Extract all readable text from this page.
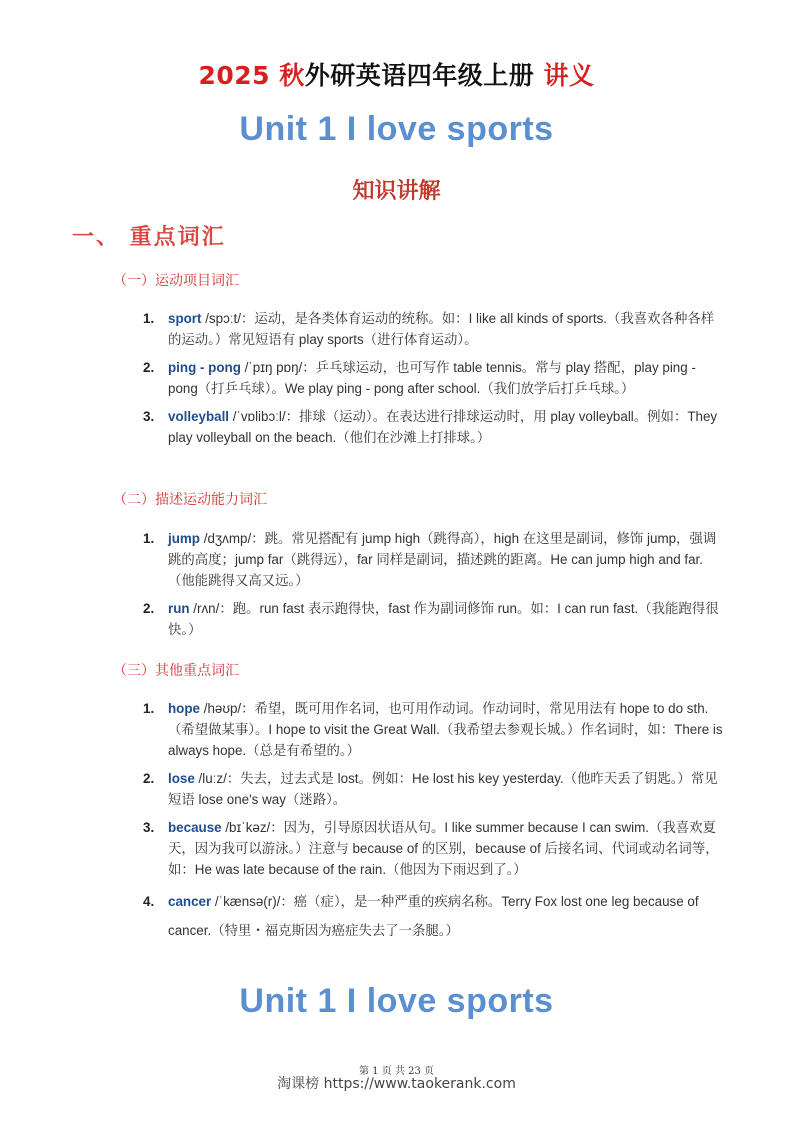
2025 秋外研英语四年级上册 讲义
Unit 1 I love sports
知识讲解
一、 重点词汇
（一）运动项目词汇
1. sport /spɔːt/：运动，是各类体育运动的统称。如：I like all kinds of sports.（我喜欢各种各样的运动。）常见短语有 play sports（进行体育运动）。
2. ping - pong /ˈpɪŋ pɒŋ/：乒乓球运动，也可写作 table tennis。常与 play 搭配，play ping - pong（打乒乓球）。We play ping - pong after school.（我们放学后打乒乓球。）
3. volleyball /ˈvɒlibɔːl/：排球（运动）。在表达进行排球运动时，用 play volleyball。例如：They play volleyball on the beach.（他们在沙滩上打排球。）
（二）描述运动能力词汇
1. jump /dʒʌmp/：跳。常见搭配有 jump high（跳得高），high 在这里是副词，修饰 jump，强调跳的高度；jump far（跳得远），far 同样是副词，描述跳的距离。He can jump high and far.（他能跳得又高又远。）
2. run /rʌn/：跑。run fast 表示跑得快，fast 作为副词修饰 run。如：I can run fast.（我能跑得很快。）
（三）其他重点词汇
1. hope /həʊp/：希望，既可用作名词，也可用作动词。作动词时，常见用法有 hope to do sth.（希望做某事）。I hope to visit the Great Wall.（我希望去参观长城。）作名词时，如：There is always hope.（总是有希望的。）
2. lose /luːz/：失去，过去式是 lost。例如：He lost his key yesterday.（他昨天丢了钥匙。）常见短语 lose one's way（迷路）。
3. because /bɪˈkəz/：因为，引导原因状语从句。I like summer because I can swim.（我喜欢夏天，因为我可以游泳。）注意与 because of 的区别，because of 后接名词、代词或动名词等，如：He was late because of the rain.（他因为下雨迟到了。）
4. cancer /ˈkænsə(r)/：癌（症），是一种严重的疾病名称。Terry Fox lost one leg because of cancer.（特里・福克斯因为癌症失去了一条腿。）
Unit 1 I love sports
第 1 页 共 23 页
淘课榜 https://www.taokerank.com
